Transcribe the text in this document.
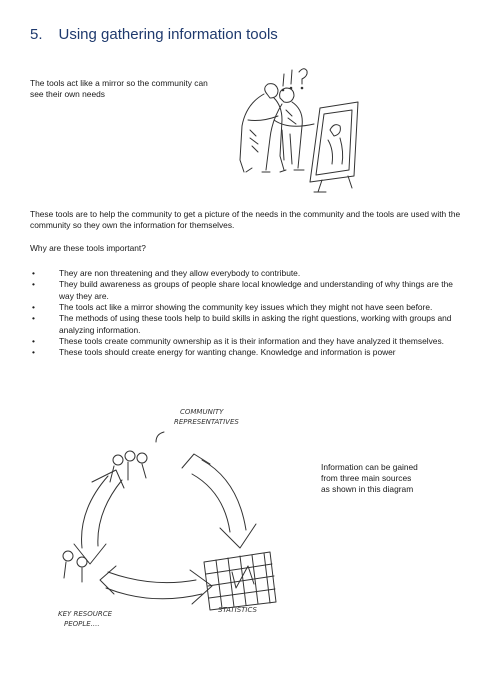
5. Using gathering information tools
The tools act like a mirror so the community can see their own needs
These tools are to help the community to get a picture of the needs in the community and the tools are used with the community so they own the information for themselves.
Why are these tools important?
•	They are non threatening and they allow everybody to contribute.
•	They build awareness as groups of people share local knowledge and understanding of why things are the way they are.
•	The tools act like a mirror showing the community key issues which they might not have seen before.
•	The methods of using these tools help to build skills in asking the right questions, working with groups and analyzing information.
•	These tools create community ownership as it is their information and they have analyzed it themselves.
•	These tools should create energy for wanting change. Knowledge and information is power
COMMUNITY
REPRESENTATIVES
STATISTICS
KEY RESOURCE
PEOPLE....
Information can be gained from three main sources as shown in this diagram
